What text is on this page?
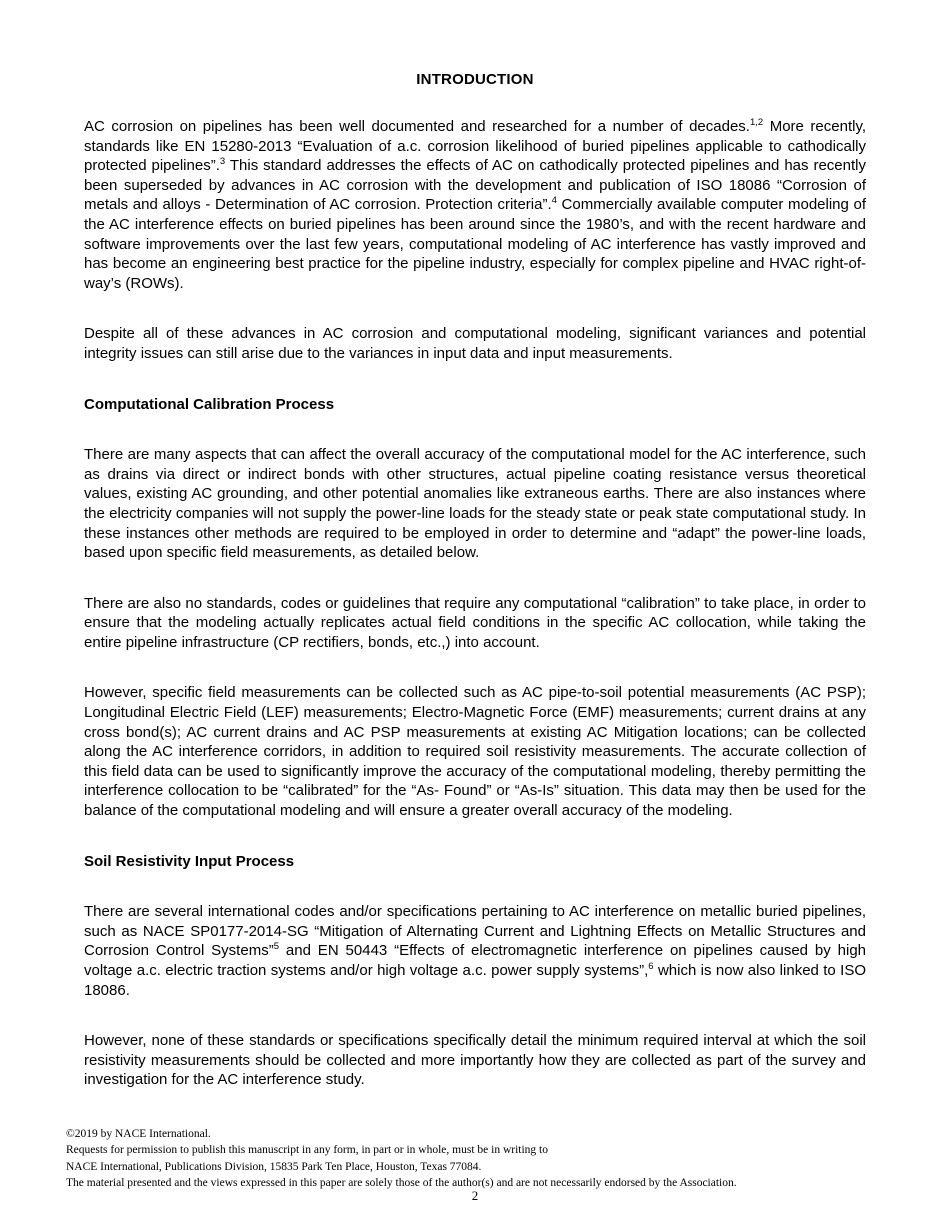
INTRODUCTION

AC corrosion on pipelines has been well documented and researched for a number of decades.$^{1,2}$ More recently, standards like EN 15280-2013 “Evaluation of a.c. corrosion likelihood of buried pipelines applicable to cathodically protected pipelines”.$^3$ This standard addresses the effects of AC on cathodically protected pipelines and has recently been superseded by advances in AC corrosion with the development and publication of ISO 18086 “Corrosion of metals and alloys - Determination of AC corrosion. Protection criteria”.$^4$ Commercially available computer modeling of the AC interference effects on buried pipelines has been around since the 1980’s, and with the recent hardware and software improvements over the last few years, computational modeling of AC interference has vastly improved and has become an engineering best practice for the pipeline industry, especially for complex pipeline and HVAC right-of-way’s (ROWs).

Despite all of these advances in AC corrosion and computational modeling, significant variances and potential integrity issues can still arise due to the variances in input data and input measurements.

Computational Calibration Process

There are many aspects that can affect the overall accuracy of the computational model for the AC interference, such as drains via direct or indirect bonds with other structures, actual pipeline coating resistance versus theoretical values, existing AC grounding, and other potential anomalies like extraneous earths. There are also instances where the electricity companies will not supply the power-line loads for the steady state or peak state computational study. In these instances other methods are required to be employed in order to determine and “adapt” the power-line loads, based upon specific field measurements, as detailed below.

There are also no standards, codes or guidelines that require any computational “calibration” to take place, in order to ensure that the modeling actually replicates actual field conditions in the specific AC collocation, while taking the entire pipeline infrastructure (CP rectifiers, bonds, etc.,) into account.

However, specific field measurements can be collected such as AC pipe-to-soil potential measurements (AC PSP); Longitudinal Electric Field (LEF) measurements; Electro-Magnetic Force (EMF) measurements; current drains at any cross bond(s); AC current drains and AC PSP measurements at existing AC Mitigation locations; can be collected along the AC interference corridors, in addition to required soil resistivity measurements. The accurate collection of this field data can be used to significantly improve the accuracy of the computational modeling, thereby permitting the interference collocation to be “calibrated” for the “As- Found” or “As-Is” situation. This data may then be used for the balance of the computational modeling and will ensure a greater overall accuracy of the modeling.

Soil Resistivity Input Process

There are several international codes and/or specifications pertaining to AC interference on metallic buried pipelines, such as NACE SP0177-2014-SG “Mitigation of Alternating Current and Lightning Effects on Metallic Structures and Corrosion Control Systems”$^5$ and EN 50443 “Effects of electromagnetic interference on pipelines caused by high voltage a.c. electric traction systems and/or high voltage a.c. power supply systems”,$^6$ which is now also linked to ISO 18086.

However, none of these standards or specifications specifically detail the minimum required interval at which the soil resistivity measurements should be collected and more importantly how they are collected as part of the survey and investigation for the AC interference study.

©2019 by NACE International.
Requests for permission to publish this manuscript in any form, in part or in whole, must be in writing to
NACE International, Publications Division, 15835 Park Ten Place, Houston, Texas 77084.
The material presented and the views expressed in this paper are solely those of the author(s) and are not necessarily endorsed by the Association.
2
